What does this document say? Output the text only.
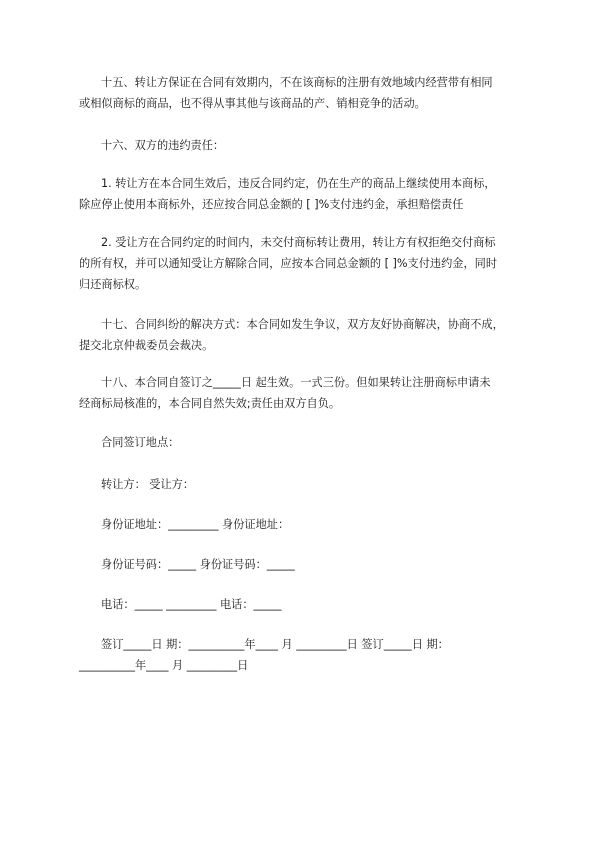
十五、转让方保证在合同有效期内，不在该商标的注册有效地域内经营带有相同
或相似商标的商品，也不得从事其他与该商品的产、销相竞争的活动。

十六、双方的违约责任：

1. 转让方在本合同生效后，违反合同约定，仍在生产的商品上继续使用本商标，
除应停止使用本商标外，还应按合同总金额的 [ ]%支付违约金，承担赔偿责任

2. 受让方在合同约定的时间内，未交付商标转让费用，转让方有权拒绝交付商标
的所有权，并可以通知受让方解除合同，应按本合同总金额的 [ ]%支付违约金，同时
归还商标权。

十七、合同纠纷的解决方式：本合同如发生争议，双方友好协商解决，协商不成，
提交北京仲裁委员会裁决。

十八、本合同自签订之_____日 起生效。一式三份。但如果转让注册商标申请未
经商标局核准的，本合同自然失效;责任由双方自负。

合同签订地点：

转让方： 受让方：

身份证地址：_________ 身份证地址：

身份证号码：_____ 身份证号码：_____

电话：_____ _________ 电话：_____

签订_____日 期：__________年____ 月 _________日 签订_____日 期：
__________年____ 月 _________日
